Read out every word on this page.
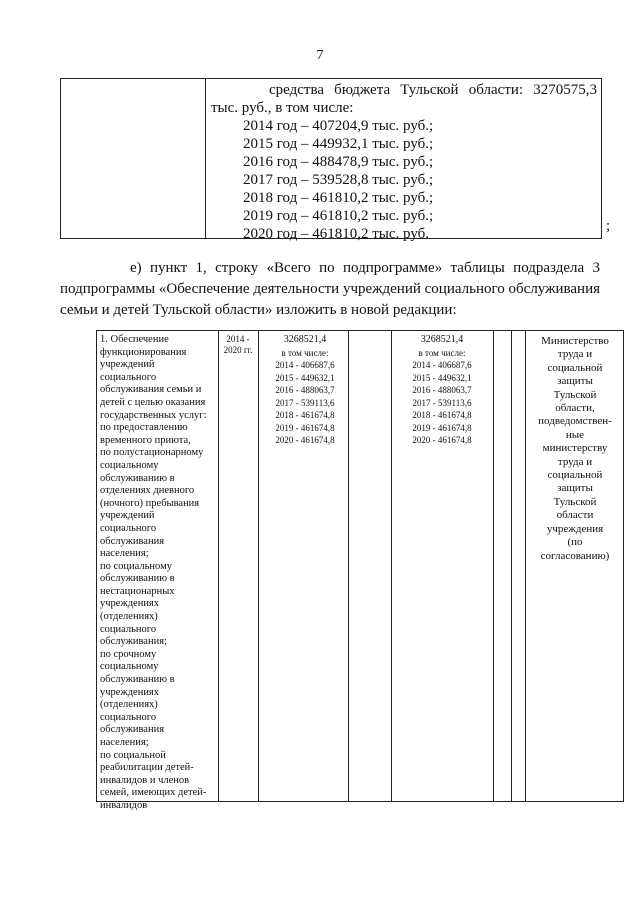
7
средства бюджета Тульской области: 3270575,3 тыс. руб., в том числе:
2014 год – 407204,9 тыс. руб.;
2015 год – 449932,1 тыс. руб.;
2016 год – 488478,9 тыс. руб.;
2017 год – 539528,8 тыс. руб.;
2018 год – 461810,2 тыс. руб.;
2019 год – 461810,2 тыс. руб.;
2020 год – 461810,2 тыс. руб.	;
е) пункт 1, строку «Всего по подпрограмме» таблицы подраздела 3 подпрограммы «Обеспечение деятельности учреждений социального обслуживания семьи и детей Тульской области» изложить в новой редакции:

1. Обеспечение

функционирования

учреждений

социального

обслуживания семьи и

детей с целью оказания

государственных услуг:

по предоставлению

временного приюта,

по полустационарному

социальному

обслуживанию в

отделениях дневного

(ночного) пребывания

учреждений

социального

обслуживания

населения;

по социальному

обслуживанию в

нестационарных

учреждениях

(отделениях)

социального

обслуживания;

по срочному

социальному

обслуживанию в

учреждениях

(отделениях)

социального

обслуживания

населения;

по социальной

реабилитации детей-

инвалидов и членов

семей, имеющих детей-

инвалидов

2014 - 2020 гг.
3268521,4
в том числе:
2014 - 406687,6
2015 - 449632,1
2016 - 488063,7
2017 - 539113,6
2018 - 461674,8
2019 - 461674,8
2020 - 461674,8
3268521,4
в том числе:
2014 - 406687,6
2015 - 449632,1
2016 - 488063,7
2017 - 539113,6
2018 - 461674,8
2019 - 461674,8
2020 - 461674,8

Министерство

труда и

социальной

защиты

Тульской

области,

подведомствен-

ные

министерству

труда и

социальной

защиты

Тульской

области

учреждения

(по

согласованию)
